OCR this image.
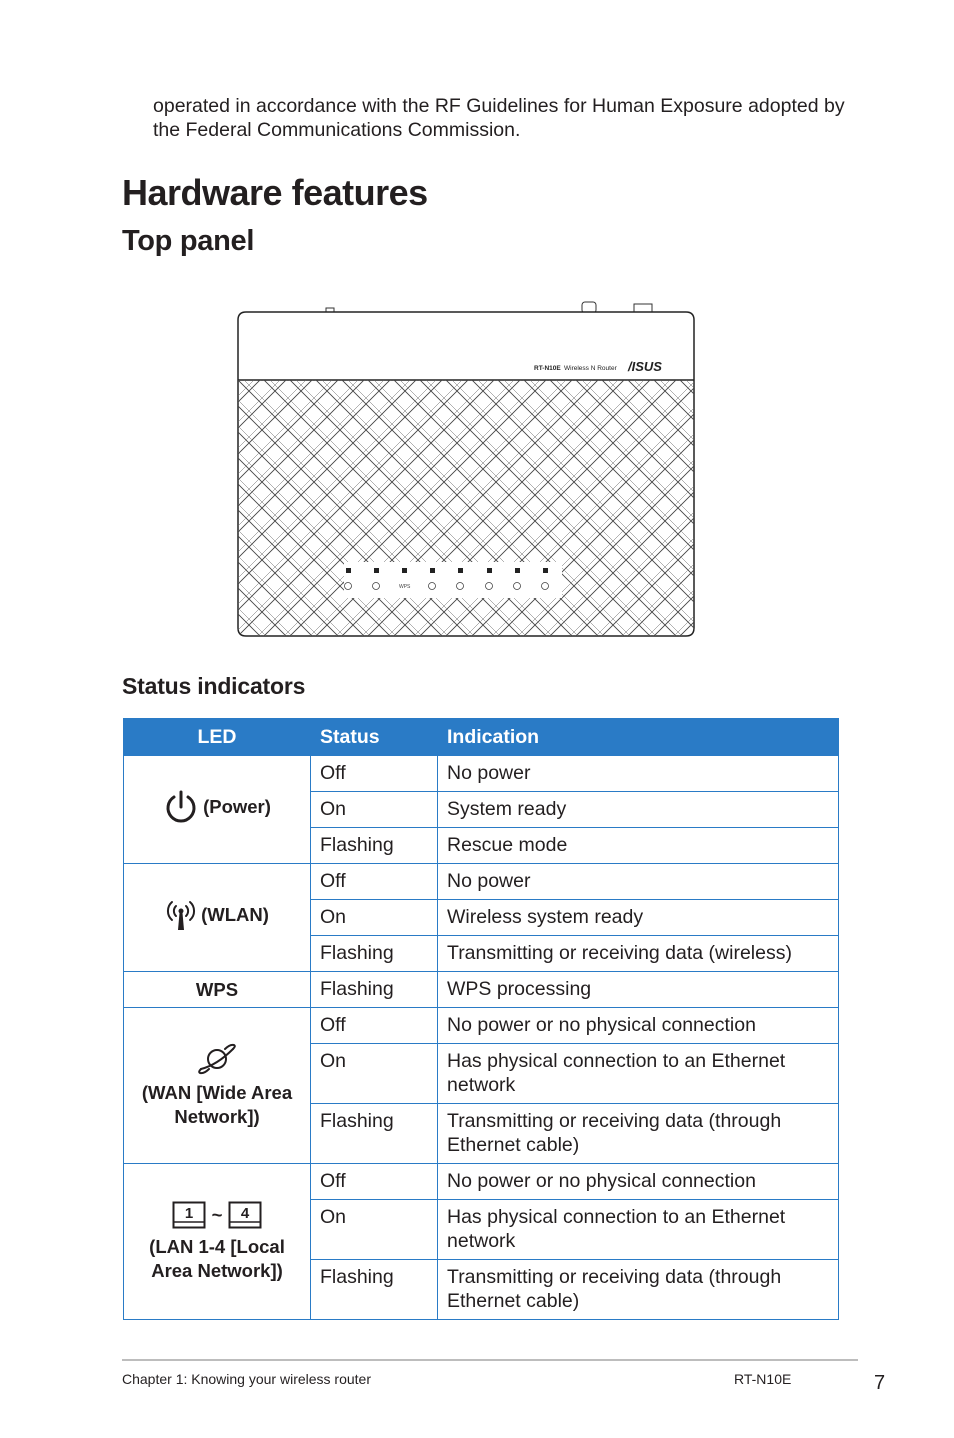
operated in accordance with the RF Guidelines for Human Exposure adopted by the Federal Communications Commission.
Hardware features
Top panel
RT-N10E Wireless N Router /ISUS
WPS
Status indicators
LED	Status	Indication

(Power)	Off	No power
	On	System ready
	Flashing	Rescue mode

(WLAN)	Off	No power
	On	Wireless system ready
	Flashing	Transmitting or receiving data (wireless)
WPS	Flashing	WPS processing

(WAN [Wide Area Network])	Off	No power or no physical connection
	On	Has physical connection to an Ethernet network
	Flashing	Transmitting or receiving data (through Ethernet cable)

1 ~ 4
(LAN 1-4 [Local Area Network])	Off	No power or no physical connection
	On	Has physical connection to an Ethernet network
	Flashing	Transmitting or receiving data (through Ethernet cable)
Chapter 1: Knowing your wireless router	RT-N10E	7
